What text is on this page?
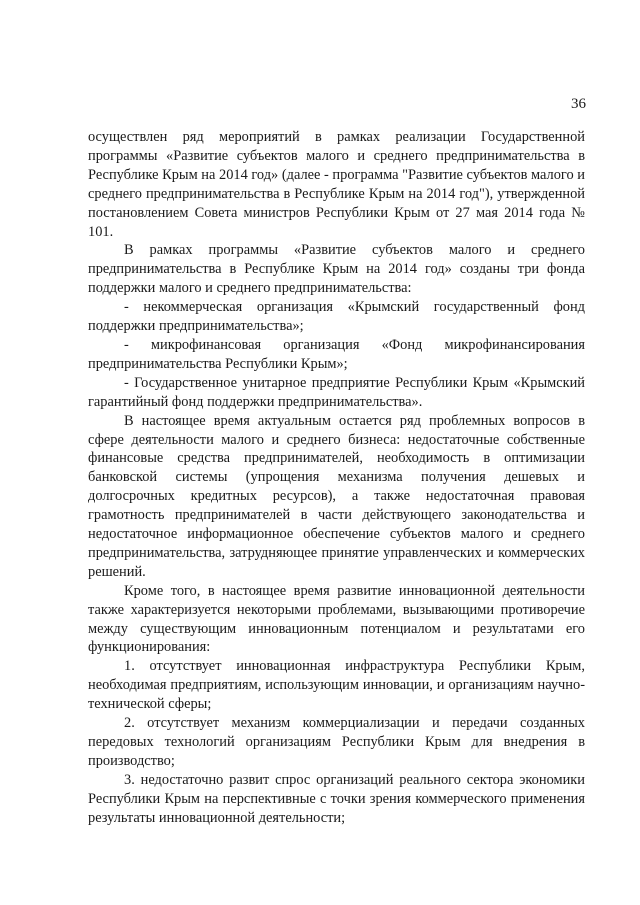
36

осуществлен ряд мероприятий в рамках реализации Государственной программы «Развитие субъектов малого и среднего предпринимательства в Республике Крым на 2014 год» (далее - программа "Развитие субъектов малого и среднего предпринимательства в Республике Крым на 2014 год"), утвержденной постановлением Совета министров Республики Крым от 27 мая 2014 года № 101.

В рамках программы «Развитие субъектов малого и среднего предпринимательства в Республике Крым на 2014 год» созданы три фонда поддержки малого и среднего предпринимательства:

- некоммерческая организация «Крымский государственный фонд поддержки предпринимательства»;

- микрофинансовая организация «Фонд микрофинансирования предпринимательства Республики Крым»;

- Государственное унитарное предприятие Республики Крым «Крымский гарантийный фонд поддержки предпринимательства».

В настоящее время актуальным остается ряд проблемных вопросов в сфере деятельности малого и среднего бизнеса: недостаточные собственные финансовые средства предпринимателей, необходимость в оптимизации банковской системы (упрощения механизма получения дешевых и долгосрочных кредитных ресурсов), а также недостаточная правовая грамотность предпринимателей в части действующего законодательства и недостаточное информационное обеспечение субъектов малого и среднего предпринимательства, затрудняющее принятие управленческих и коммерческих решений.

Кроме того, в настоящее время развитие инновационной деятельности также характеризуется некоторыми проблемами, вызывающими противоречие между существующим инновационным потенциалом и результатами его функционирования:

1. отсутствует инновационная инфраструктура Республики Крым, необходимая предприятиям, использующим инновации, и организациям научно-технической сферы;

2. отсутствует механизм коммерциализации и передачи созданных передовых технологий организациям Республики Крым для внедрения в производство;

3. недостаточно развит спрос организаций реального сектора экономики Республики Крым на перспективные с точки зрения коммерческого применения результаты инновационной деятельности;
